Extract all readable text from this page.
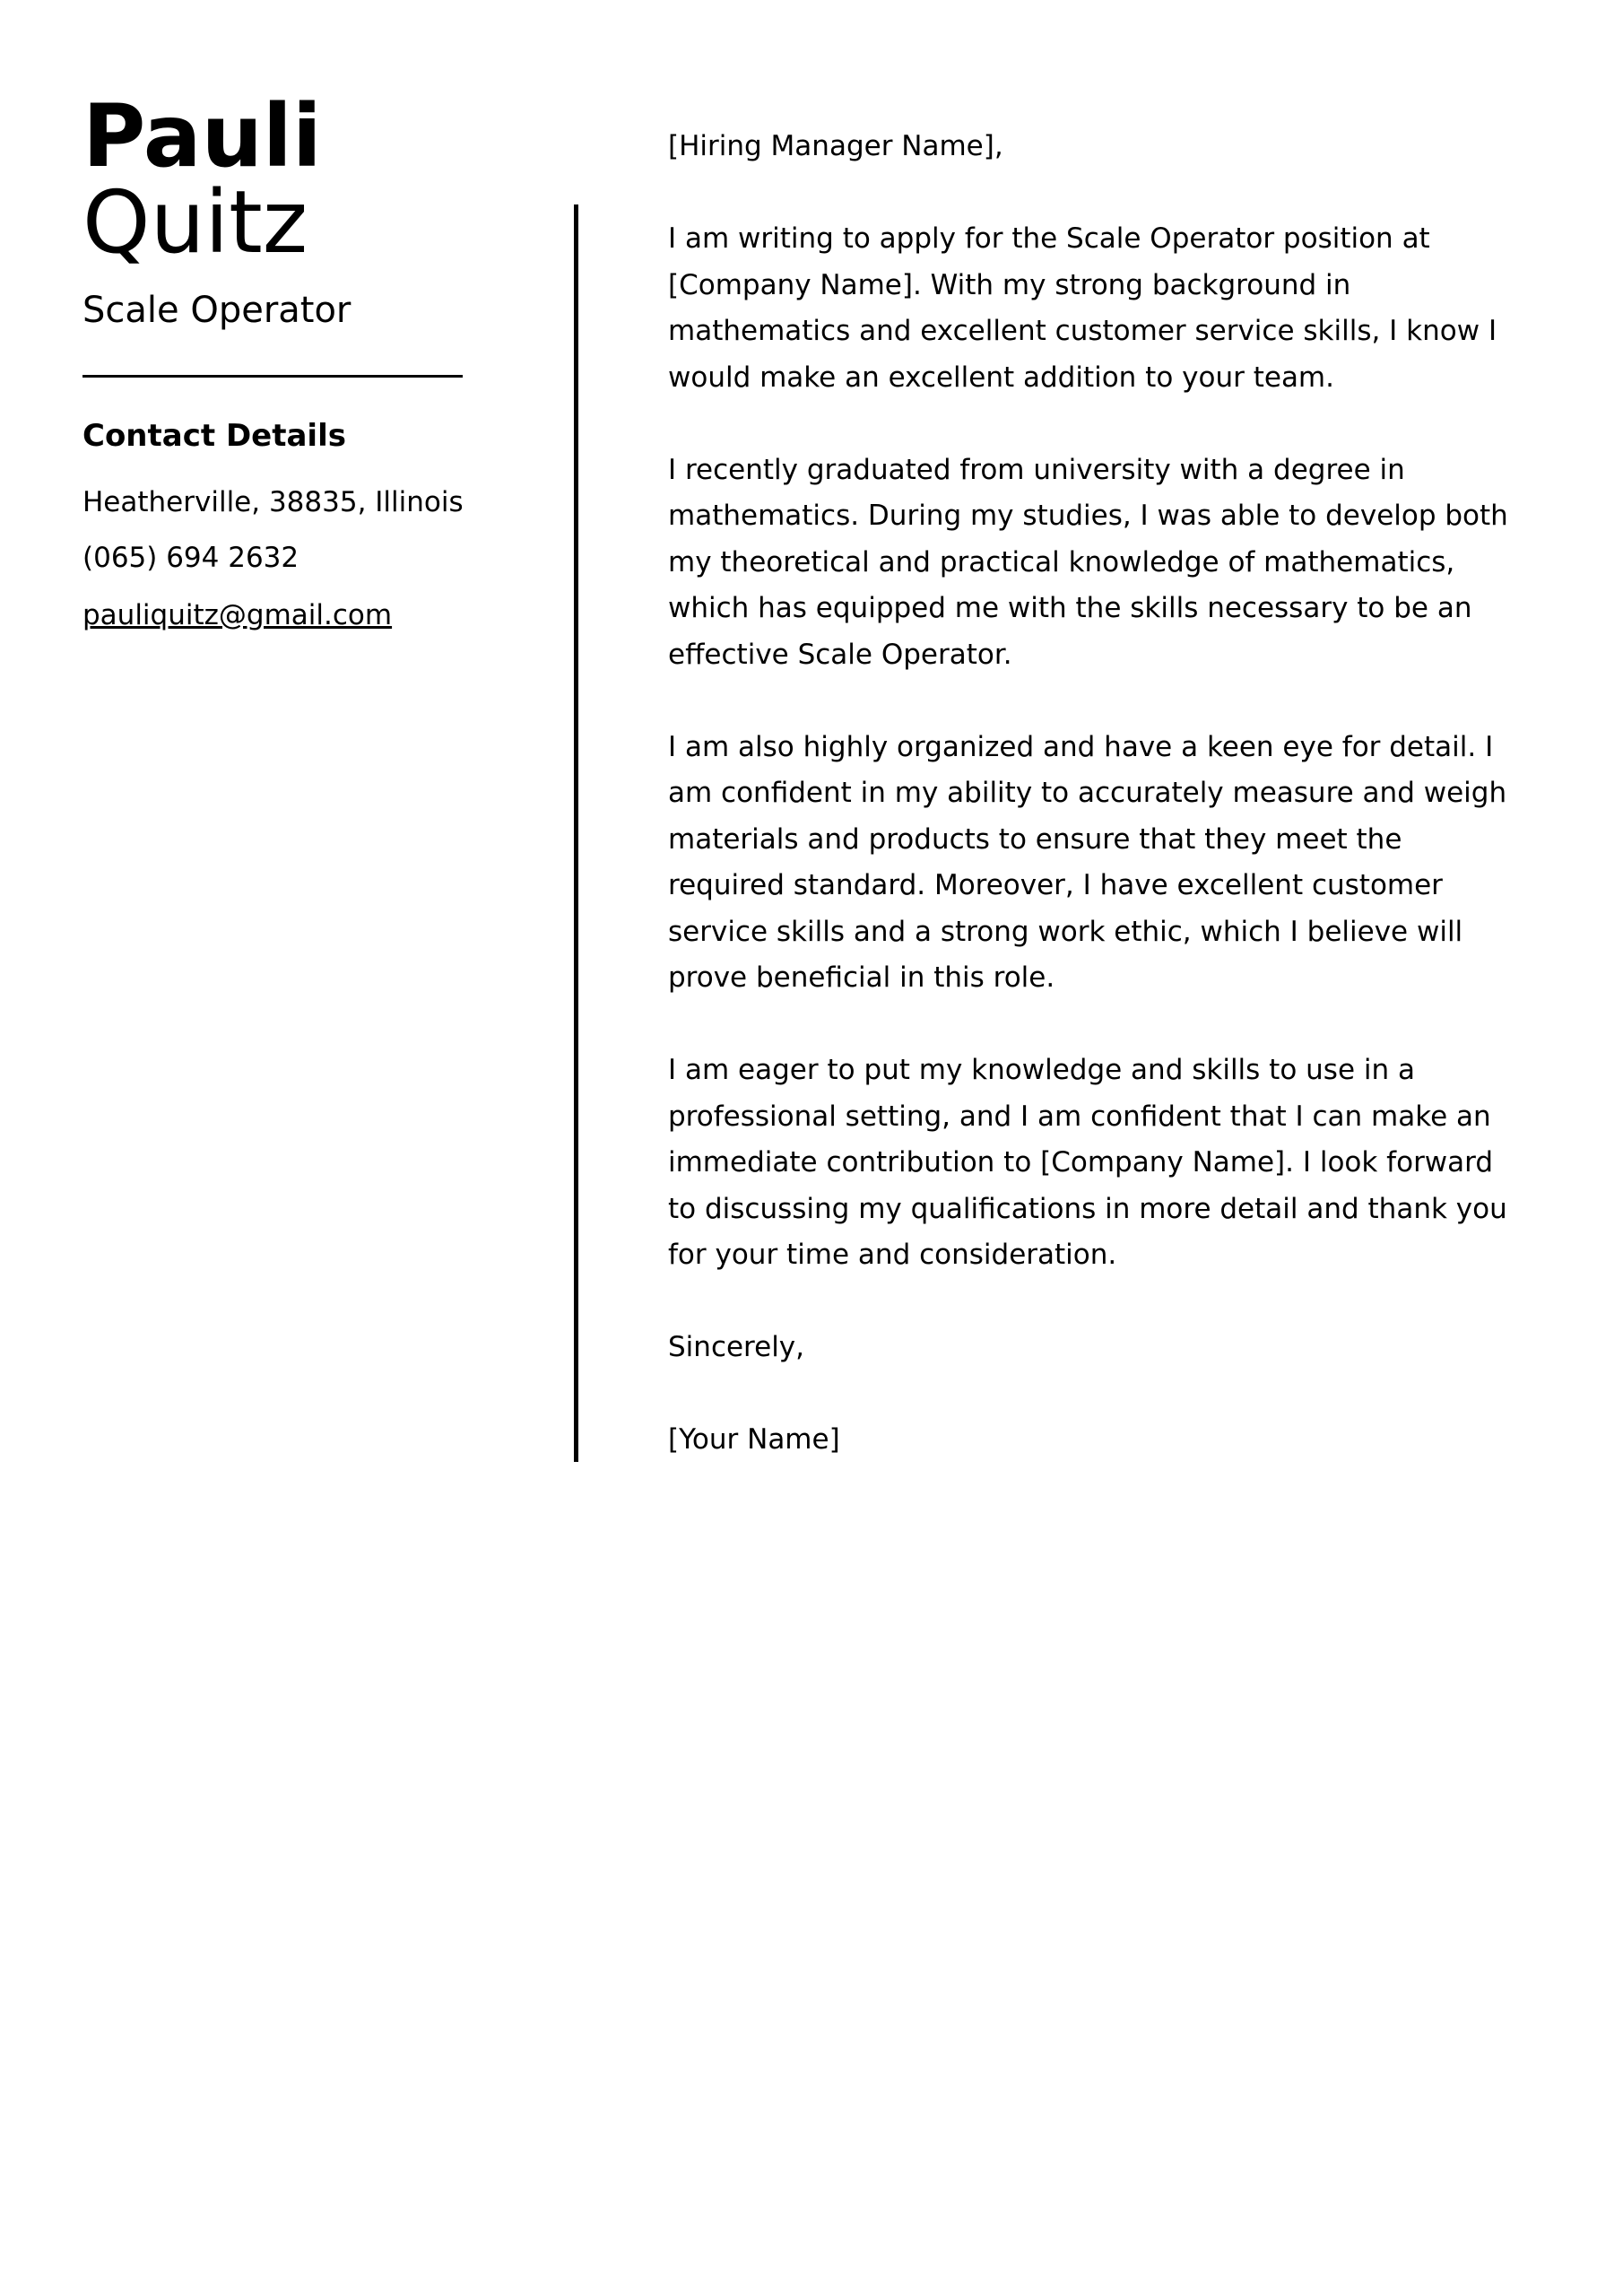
Pauli
Quitz
Scale Operator
Contact Details
Heatherville, 38835, Illinois
(065) 694 2632
pauliquitz@gmail.com

[Hiring Manager Name],

I am writing to apply for the Scale Operator position at [Company Name]. With my strong background in mathematics and excellent customer service skills, I know I would make an excellent addition to your team.

I recently graduated from university with a degree in mathematics. During my studies, I was able to develop both my theoretical and practical knowledge of mathematics, which has equipped me with the skills necessary to be an effective Scale Operator.

I am also highly organized and have a keen eye for detail. I am confident in my ability to accurately measure and weigh materials and products to ensure that they meet the required standard. Moreover, I have excellent customer service skills and a strong work ethic, which I believe will prove beneficial in this role.

I am eager to put my knowledge and skills to use in a professional setting, and I am confident that I can make an immediate contribution to [Company Name]. I look forward to discussing my qualifications in more detail and thank you for your time and consideration.

Sincerely,

[Your Name]
